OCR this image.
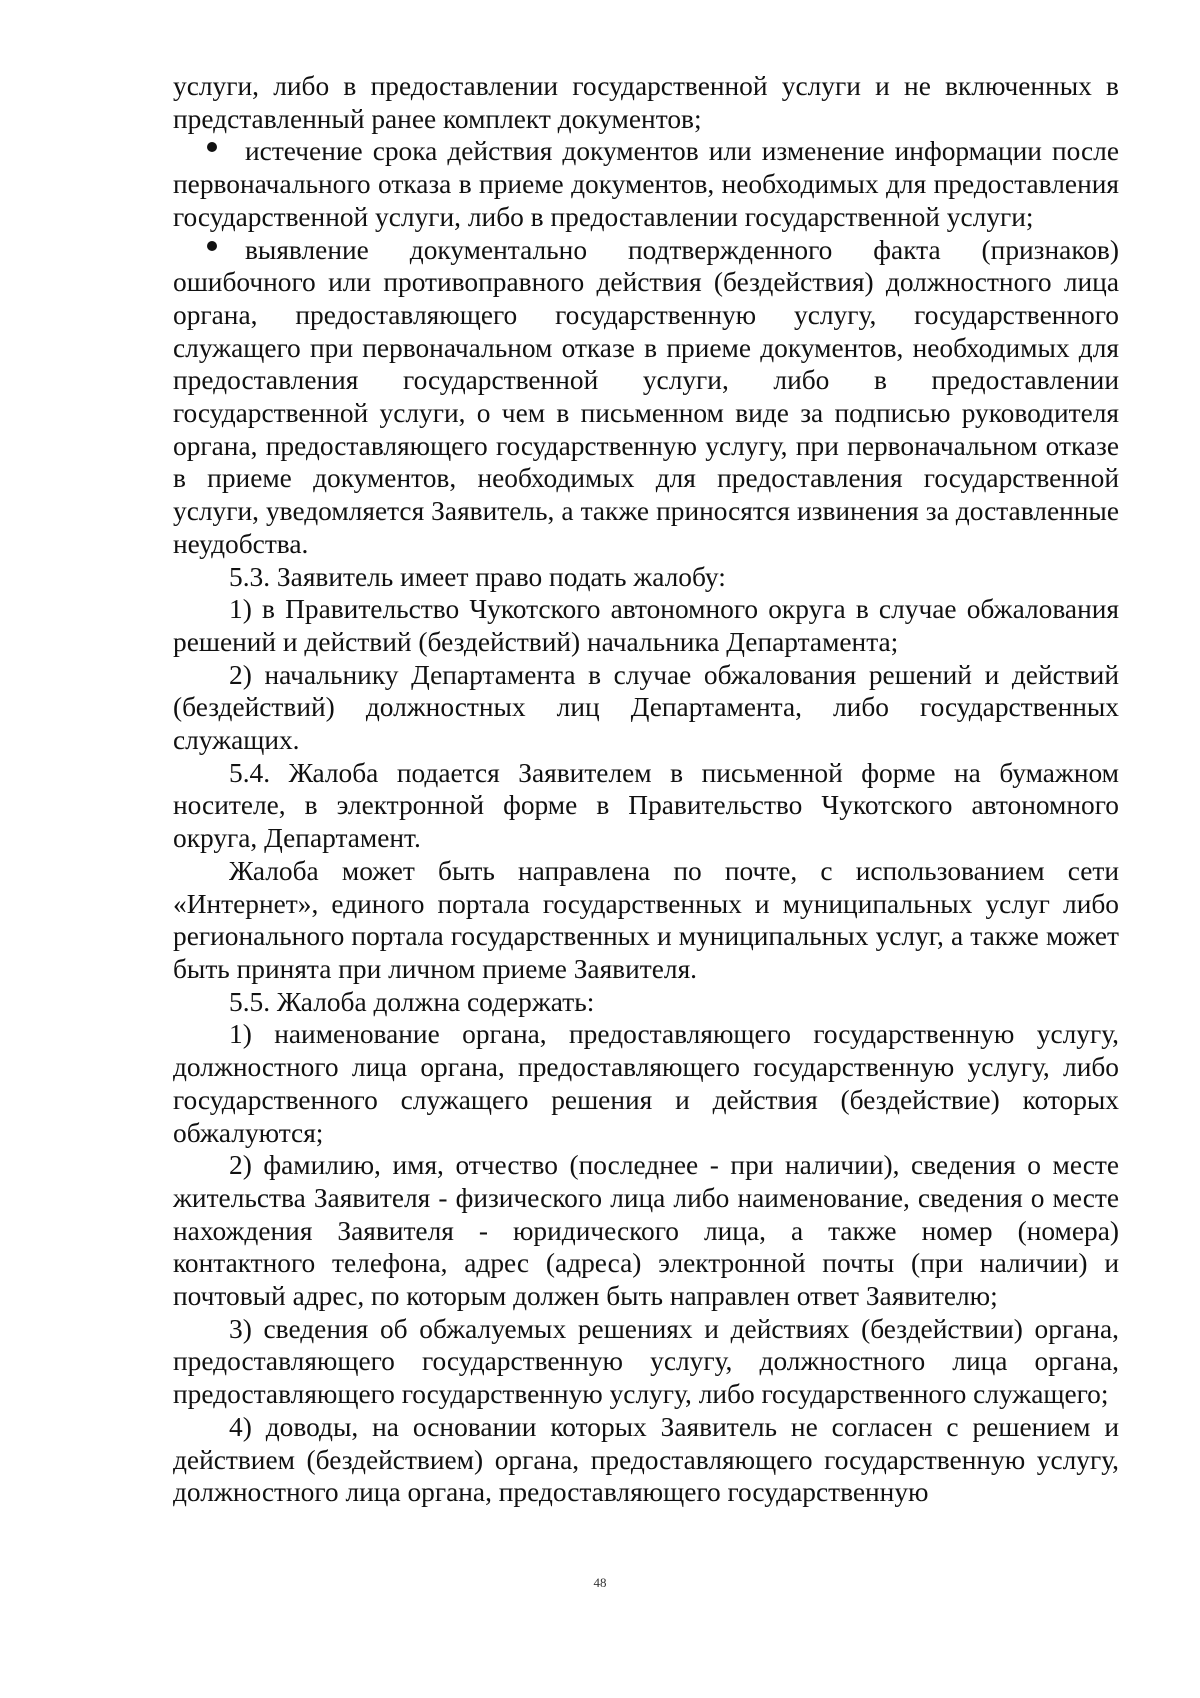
услуги, либо в предоставлении государственной услуги и не включенных в представленный ранее комплект документов;

истечение срока действия документов или изменение информации после первоначального отказа в приеме документов, необходимых для предоставления государственной услуги, либо в предоставлении государственной услуги;

выявление документально подтвержденного факта (признаков) ошибочного или противоправного действия (бездействия) должностного лица органа, предоставляющего государственную услугу, государственного служащего при первоначальном отказе в приеме документов, необходимых для предоставления государственной услуги, либо в предоставлении государственной услуги, о чем в письменном виде за подписью руководителя органа, предоставляющего государственную услугу, при первоначальном отказе в приеме документов, необходимых для предоставления государственной услуги, уведомляется Заявитель, а также приносятся извинения за доставленные неудобства.

5.3. Заявитель имеет право подать жалобу:

1) в Правительство Чукотского автономного округа в случае обжалования решений и действий (бездействий) начальника Департамента;

2) начальнику Департамента в случае обжалования решений и действий (бездействий) должностных лиц Департамента, либо государственных служащих.

5.4. Жалоба подается Заявителем в письменной форме на бумажном носителе, в электронной форме в Правительство Чукотского автономного округа, Департамент.

Жалоба может быть направлена по почте, с использованием сети «Интернет», единого портала государственных и муниципальных услуг либо регионального портала государственных и муниципальных услуг, а также может быть принята при личном приеме Заявителя.

5.5. Жалоба должна содержать:

1) наименование органа, предоставляющего государственную услугу, должностного лица органа, предоставляющего государственную услугу, либо государственного служащего решения и действия (бездействие) которых обжалуются;

2) фамилию, имя, отчество (последнее - при наличии), сведения о месте жительства Заявителя - физического лица либо наименование, сведения о месте нахождения Заявителя - юридического лица, а также номер (номера) контактного телефона, адрес (адреса) электронной почты (при наличии) и почтовый адрес, по которым должен быть направлен ответ Заявителю;

3) сведения об обжалуемых решениях и действиях (бездействии) органа, предоставляющего государственную услугу, должностного лица органа, предоставляющего государственную услугу, либо государственного служащего;

4) доводы, на основании которых Заявитель не согласен с решением и действием (бездействием) органа, предоставляющего государственную услугу, должностного лица органа, предоставляющего государственную

48
